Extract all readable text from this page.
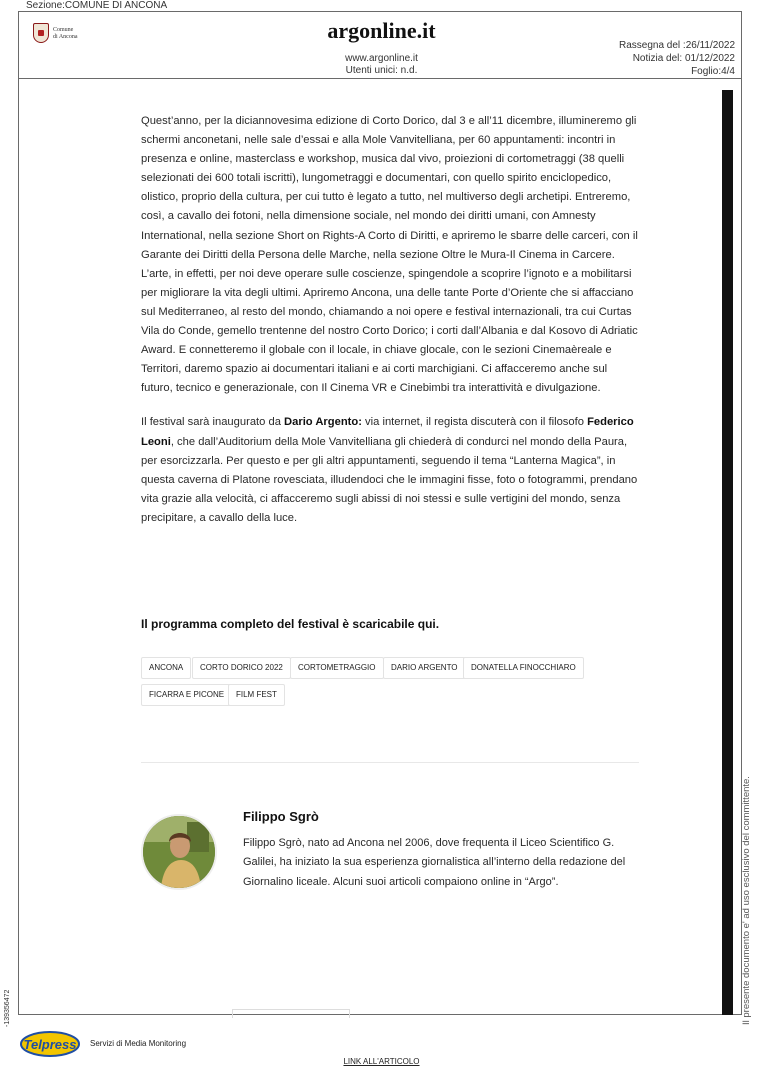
Sezione:COMUNE DI ANCONA
Comune
di Ancona	argonline.it
www.argonline.it
Utenti unici: n.d.
Rassegna del :26/11/2022
Notizia del: 01/12/2022
Foglio:4/4

Quest’anno, per la diciannovesima edizione di Corto Dorico, dal 3 e all’11 dicembre, illumineremo gli schermi anconetani, nelle sale d’essai e alla Mole Vanvitelliana, per 60 appuntamenti: incontri in presenza e online, masterclass e workshop, musica dal vivo, proiezioni di cortometraggi (38 quelli selezionati dei 600 totali iscritti), lungometraggi e documentari, con quello spirito enciclopedico, olistico, proprio della cultura, per cui tutto è legato a tutto, nel multiverso degli archetipi. Entreremo, così, a cavallo dei fotoni, nella dimensione sociale, nel mondo dei diritti umani, con Amnesty International, nella sezione Short on Rights-A Corto di Diritti, e apriremo le sbarre delle carceri, con il Garante dei Diritti della Persona delle Marche, nella sezione Oltre le Mura-Il Cinema in Carcere. L’arte, in effetti, per noi deve operare sulle coscienze, spingendole a scoprire l’ignoto e a mobilitarsi per migliorare la vita degli ultimi. Apriremo Ancona, una delle tante Porte d’Oriente che si affacciano sul Mediterraneo, al resto del mondo, chiamando a noi opere e festival internazionali, tra cui Curtas Vila do Conde, gemello trentenne del nostro Corto Dorico; i corti dall’Albania e dal Kosovo di Adriatic Award. E connetteremo il globale con il locale, in chiave glocale, con le sezioni Cinemaèreale e Territori, daremo spazio ai documentari italiani e ai corti marchigiani. Ci affacceremo anche sul futuro, tecnico e generazionale, con Il Cinema VR e Cinebimbi tra interattività e divulgazione.

Il festival sarà inaugurato da Dario Argento: via internet, il regista discuterà con il filosofo Federico Leoni, che dall’Auditorium della Mole Vanvitelliana gli chiederà di condurci nel mondo della Paura, per esorcizzarla. Per questo e per gli altri appuntamenti, seguendo il tema “Lanterna Magica”, in questa caverna di Platone rovesciata, illudendoci che le immagini fisse, foto o fotogrammi, prendano vita grazie alla velocità, ci affacceremo sugli abissi di noi stessi e sulle vertigini del mondo, senza precipitare, a cavallo della luce.

Il programma completo del festival è scaricabile qui.
ANCONA	CORTO DORICO 2022	CORTOMETRAGGIO	DARIO ARGENTO	DONATELLA FINOCCHIARO
FICARRA E PICONE	FILM FEST
Filippo Sgrò
Filippo Sgrò, nato ad Ancona nel 2006, dove frequenta il Liceo Scientifico G. Galilei, ha iniziato la sua esperienza giornalistica all’interno della redazione del Giornalino liceale. Alcuni suoi articoli compaiono online in “Argo”.	Il presente documento e' ad uso esclusivo del committente.
-139356472
Telpress Servizi di Media Monitoring
LINK ALL'ARTICOLO
